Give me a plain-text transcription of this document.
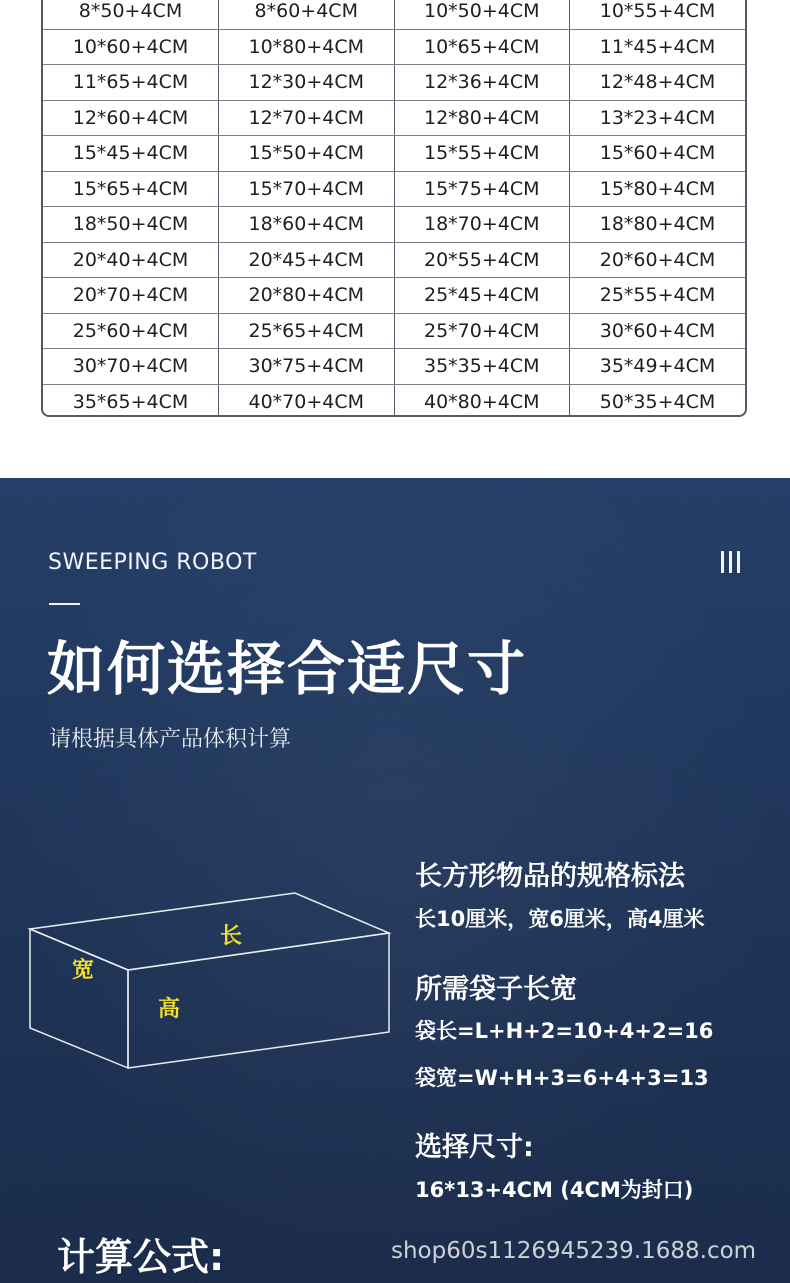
8*50+4CM	8*60+4CM	10*50+4CM	10*55+4CM
10*60+4CM	10*80+4CM	10*65+4CM	11*45+4CM
11*65+4CM	12*30+4CM	12*36+4CM	12*48+4CM
12*60+4CM	12*70+4CM	12*80+4CM	13*23+4CM
15*45+4CM	15*50+4CM	15*55+4CM	15*60+4CM
15*65+4CM	15*70+4CM	15*75+4CM	15*80+4CM
18*50+4CM	18*60+4CM	18*70+4CM	18*80+4CM
20*40+4CM	20*45+4CM	20*55+4CM	20*60+4CM
20*70+4CM	20*80+4CM	25*45+4CM	25*55+4CM
25*60+4CM	25*65+4CM	25*70+4CM	30*60+4CM
30*70+4CM	30*75+4CM	35*35+4CM	35*49+4CM
35*65+4CM	40*70+4CM	40*80+4CM	50*35+4CM
SWEEPING ROBOT
如何选择合适尺寸
请根据具体产品体积计算
长
宽
高
长方形物品的规格标法
长10厘米，宽6厘米，高4厘米
所需袋子长宽
袋长=L+H+2=10+4+2=16
袋宽=W+H+3=6+4+3=13
选择尺寸:
16*13+4CM (4CM为封口)
计算公式:	shop60s1126945239.1688.com
